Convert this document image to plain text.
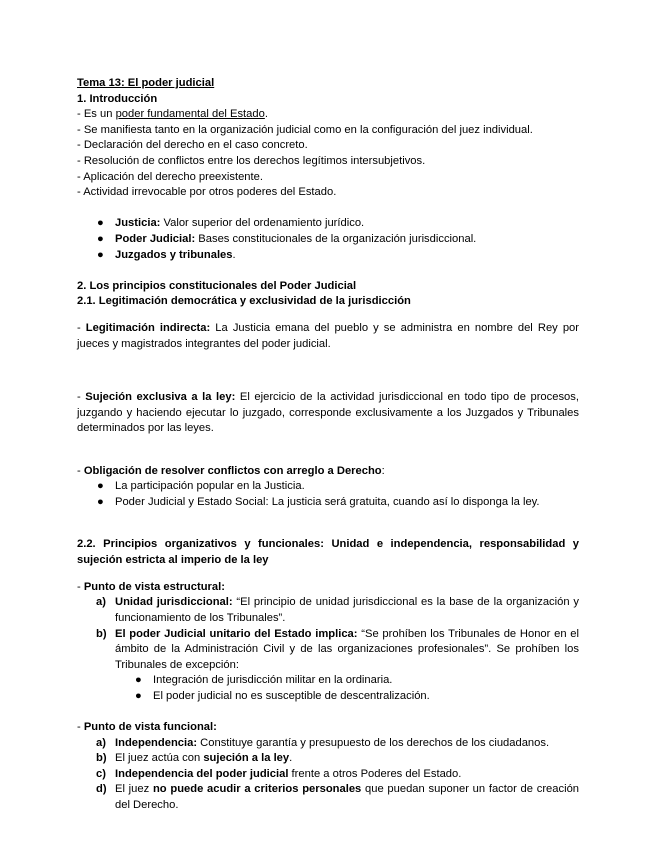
Tema 13: El poder judicial

1. Introducción

- Es un poder fundamental del Estado.

- Se manifiesta tanto en la organización judicial como en la configuración del juez individual.

- Declaración del derecho en el caso concreto.

- Resolución de conflictos entre los derechos legítimos intersubjetivos.

- Aplicación del derecho preexistente.

- Actividad irrevocable por otros poderes del Estado.

● Justicia: Valor superior del ordenamiento jurídico.
● Poder Judicial: Bases constitucionales de la organización jurisdiccional.
● Juzgados y tribunales.

2. Los principios constitucionales del Poder Judicial

2.1. Legitimación democrática y exclusividad de la jurisdicción

- Legitimación indirecta: La Justicia emana del pueblo y se administra en nombre del Rey por jueces y magistrados integrantes del poder judicial.

- Sujeción exclusiva a la ley: El ejercicio de la actividad jurisdiccional en todo tipo de procesos, juzgando y haciendo ejecutar lo juzgado, corresponde exclusivamente a los Juzgados y Tribunales determinados por las leyes.

- Obligación de resolver conflictos con arreglo a Derecho:

● La participación popular en la Justicia.
● Poder Judicial y Estado Social: La justicia será gratuita, cuando así lo disponga la ley.

2.2. Principios organizativos y funcionales: Unidad e independencia, responsabilidad y sujeción estricta al imperio de la ley

- Punto de vista estructural:

a) Unidad jurisdiccional: “El principio de unidad jurisdiccional es la base de la organización y funcionamiento de los Tribunales”.
b) El poder Judicial unitario del Estado implica: “Se prohíben los Tribunales de Honor en el ámbito de la Administración Civil y de las organizaciones profesionales”. Se prohíben los Tribunales de excepción:
● Integración de jurisdicción militar en la ordinaria.
● El poder judicial no es susceptible de descentralización.

- Punto de vista funcional:

a) Independencia: Constituye garantía y presupuesto de los derechos de los ciudadanos.
b) El juez actúa con sujeción a la ley.
c) Independencia del poder judicial frente a otros Poderes del Estado.
d) El juez no puede acudir a criterios personales que puedan suponer un factor de creación del Derecho.
